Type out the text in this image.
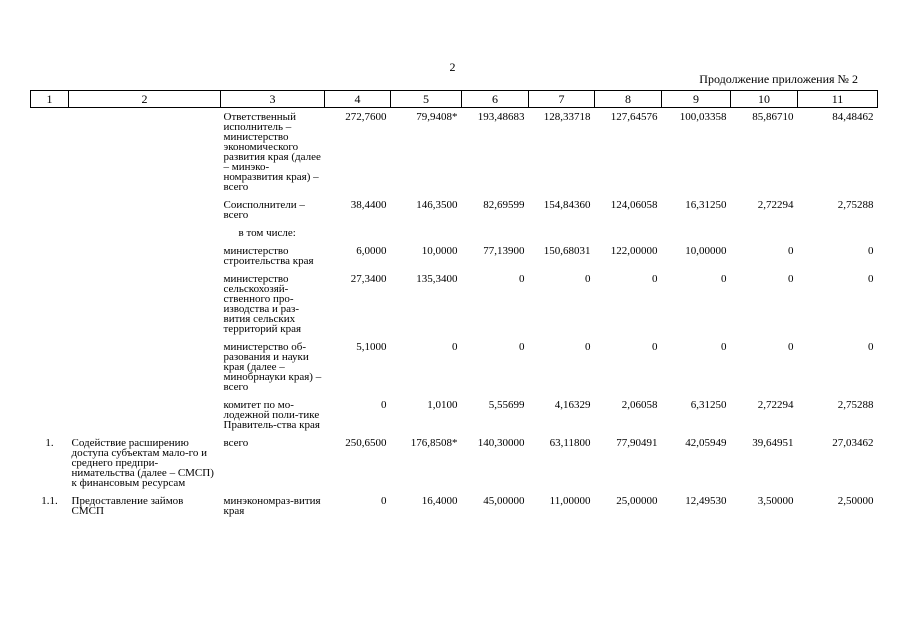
2
Продолжение приложения № 2
1	2	3	4	5	6	7	8	9	10	11
		Ответственный исполнитель – министерство экономического развития края (далее – минэко-номразвития края) – всего	272,7600	79,9408*	193,48683	128,33718	127,64576	100,03358	85,86710	84,48462
		Соисполнители – всего	38,4400	146,3500	82,69599	154,84360	124,06058	16,31250	2,72294	2,75288
		в том числе:								
		министерство строительства края	6,0000	10,0000	77,13900	150,68031	122,00000	10,00000	0	0
		министерство сельскохозяй-ственного про-изводства и раз-вития сельских территорий края	27,3400	135,3400	0	0	0	0	0	0
		министерство об-разования и науки края (далее – минобрнауки края) – всего	5,1000	0	0	0	0	0	0	0
		комитет по мо-лодежной поли-тике Правитель-ства края	0	1,0100	5,55699	4,16329	2,06058	6,31250	2,72294	2,75288
1.	Содействие расширению доступа субъектам мало-го и среднего предпри-нимательства (далее – СМСП) к финансовым ресурсам	всего	250,6500	176,8508*	140,30000	63,11800	77,90491	42,05949	39,64951	27,03462
1.1.	Предоставление займов СМСП	минэкономраз-вития края	0	16,4000	45,00000	11,00000	25,00000	12,49530	3,50000	2,50000
